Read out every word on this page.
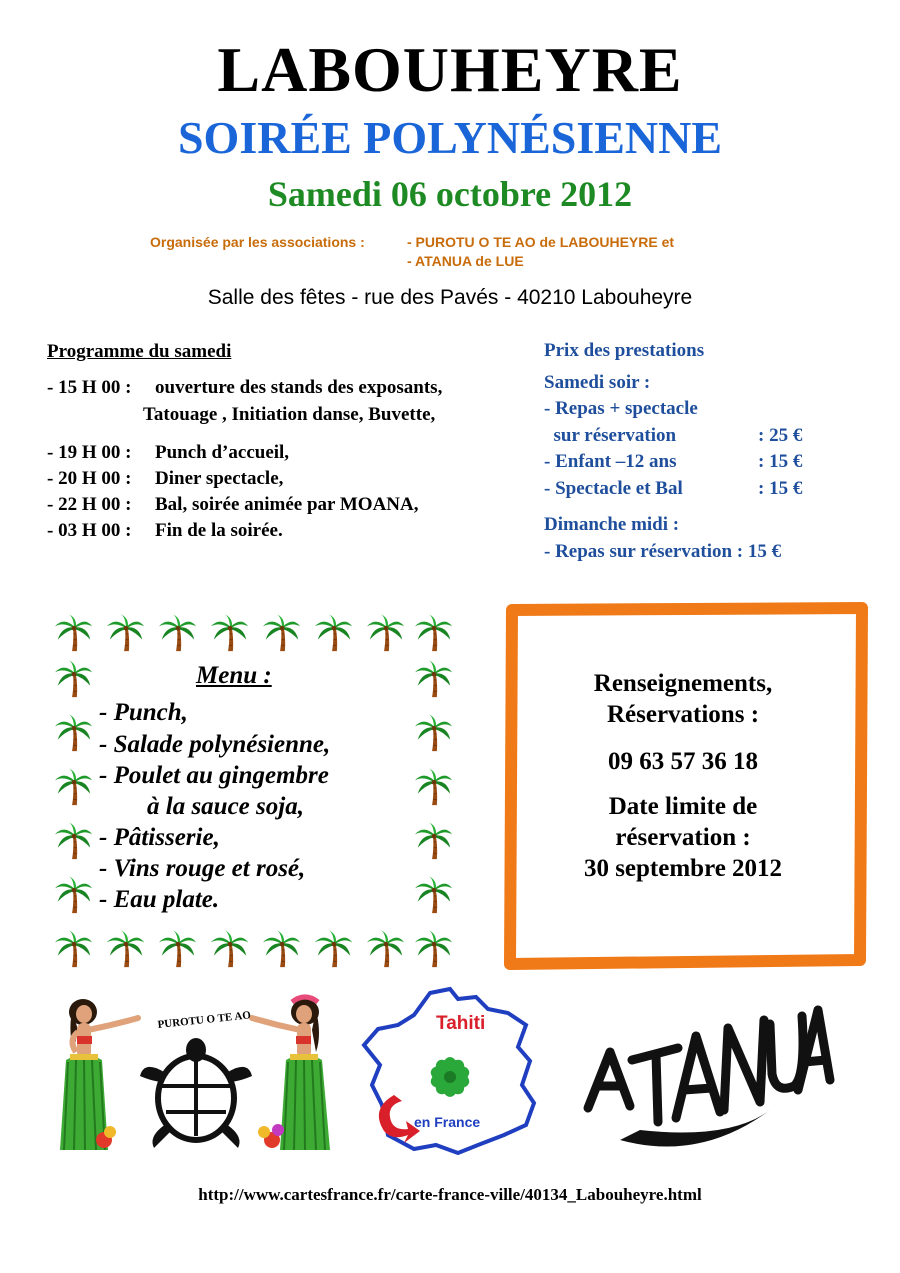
LABOUHEYRE
SOIRÉE POLYNÉSIENNE
Samedi 06 octobre 2012
Organisée par les associations :	- PUROTU O TE AO de LABOUHEYRE et
- ATANUA de LUE
Salle des fêtes - rue des Pavés - 40210 Labouheyre
Programme du samedi
- 15 H 00 : ouverture des stands des exposants,
Tatouage , Initiation danse, Buvette,
- 19 H 00 : Punch d’accueil,
- 20 H 00 : Diner spectacle,
- 22 H 00 : Bal, soirée animée par MOANA,
- 03 H 00 : Fin de la soirée.
Prix des prestations
Samedi soir :
- Repas + spectacle
sur réservation	: 25 €
- Enfant –12 ans	: 15 €
- Spectacle et Bal	: 15 €
Dimanche midi :
- Repas sur réservation : 15 €
Menu :
- Punch,
- Salade polynésienne,
- Poulet au gingembre
à la sauce soja,
- Pâtisserie,
- Vins rouge et rosé,
- Eau plate.
Renseignements,
Réservations :
09 63 57 36 18
Date limite de
réservation :
30 septembre 2012
PUROTU O TE AO	Tahiti
en France
ATANUA
http://www.cartesfrance.fr/carte-france-ville/40134_Labouheyre.html
